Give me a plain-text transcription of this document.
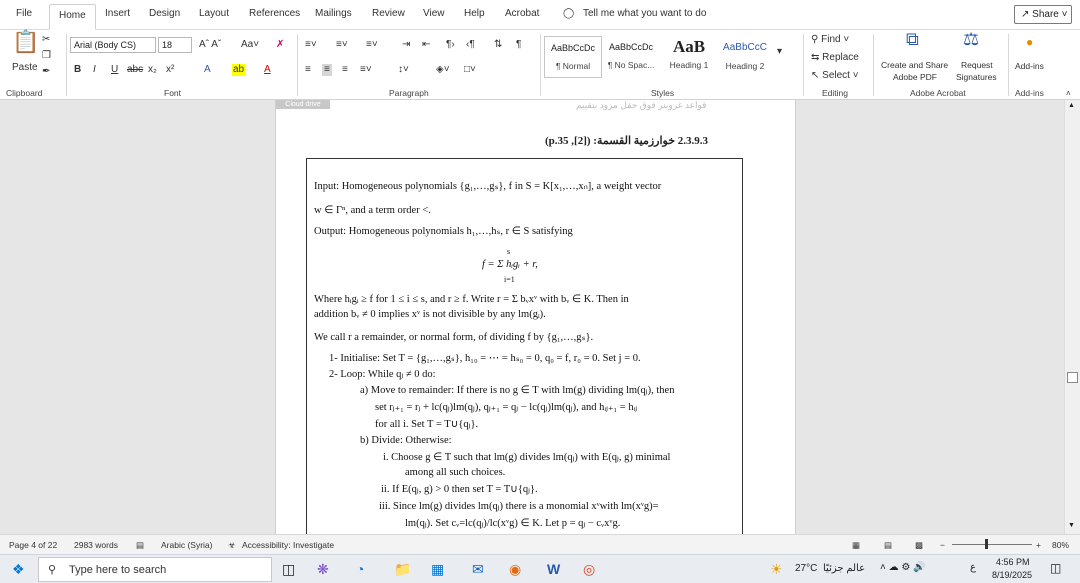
File	Home	Insert Design Layout References Mailings Review View Help Acrobat ◯ Tell me what you want to do	↗ Share ˅
📋
Paste
✂
❐
✒
Clipboard
Arial (Body CS)	18	Aˆ Aˇ Aa˅ ✗
B I U abc x₂ x²	A ab A
Font
≡˅ ≡˅ ≡˅ ⇥ ⇤ ¶› ‹¶ ⇅ ¶
≡ ≡ ≡ ≡˅	↕˅	◈˅ □˅
Paragraph
AaBbCcDc
¶ Normal
AaBbCcDc
¶ No Spac...
AaB
Heading 1
AaBbCcC
Heading 2
▾
Styles
⚲ Find ˅
⇆ Replace
↖ Select ˅
Editing
⧉
Create and Share
Adobe PDF
⚖
Request
Signatures
Adobe Acrobat
●
Add-ins
Add-ins	˄
Cloud drive	قواعد غروبنر فوق حقل مزود بتقييم
2.3.9.3 خوارزمية القسمة: ([2], p.35)
Input: Homogeneous polynomials {g₁,…,gₛ}, f in S = K[x₁,…,xₙ], a weight vector
w ∈ Γⁿ, and a term order <.
Output: Homogeneous polynomials h₁,…,hₛ, r ∈ S satisfying
s
f = Σ hᵢgᵢ + r,
i=1
Where hᵢgᵢ ≥ f for 1 ≤ i ≤ s, and r ≥ f. Write r = Σ bᵥxᵛ with bᵥ ∈ K. Then in
addition bᵥ ≠ 0 implies xᵛ is not divisible by any lm(gᵢ).
We call r a remainder, or normal form, of dividing f by {g₁,…,gₛ}.
1- Initialise: Set T = {g₁,…,gₛ}, h₁₀ = ⋯ = hₛ₀ = 0, q₀ = f, r₀ = 0. Set j = 0.
2- Loop: While qⱼ ≠ 0 do:
a) Move to remainder: If there is no g ∈ T with lm(g) dividing lm(qⱼ), then
set rⱼ₊₁ = rⱼ + lc(qⱼ)lm(qⱼ), qⱼ₊₁ = qⱼ − lc(qⱼ)lm(qⱼ), and hᵢⱼ₊₁ = hᵢⱼ
for all i. Set T = T∪{qⱼ}.
b) Divide: Otherwise:
i. Choose g ∈ T such that lm(g) divides lm(qⱼ) with E(qⱼ, g) minimal
among all such choices.
ii. If E(qⱼ, g) > 0 then set T = T∪{qⱼ}.
iii. Since lm(g) divides lm(qⱼ) there is a monomial xᵛwith lm(xᵛg)=
lm(qⱼ). Set cᵥ=lc(qⱼ)/lc(xᵛg) ∈ K. Let p = qⱼ − cᵥxᵛg.
▲
▼
Page 4 of 22 2983 words ▤ Arabic (Syria) ☣ Accessibility: Investigate	▦	▤	▩ −	+ 80%
❖ ⚲ Type here to search	◫ ❋ ◔ 📁 ▦ ✉ ◉ W ◎	☀ 27°C عالم جزئيًا ˄ ☁ ⚙ 🔊	ع 4:56 PM
8/19/2025 ◫
